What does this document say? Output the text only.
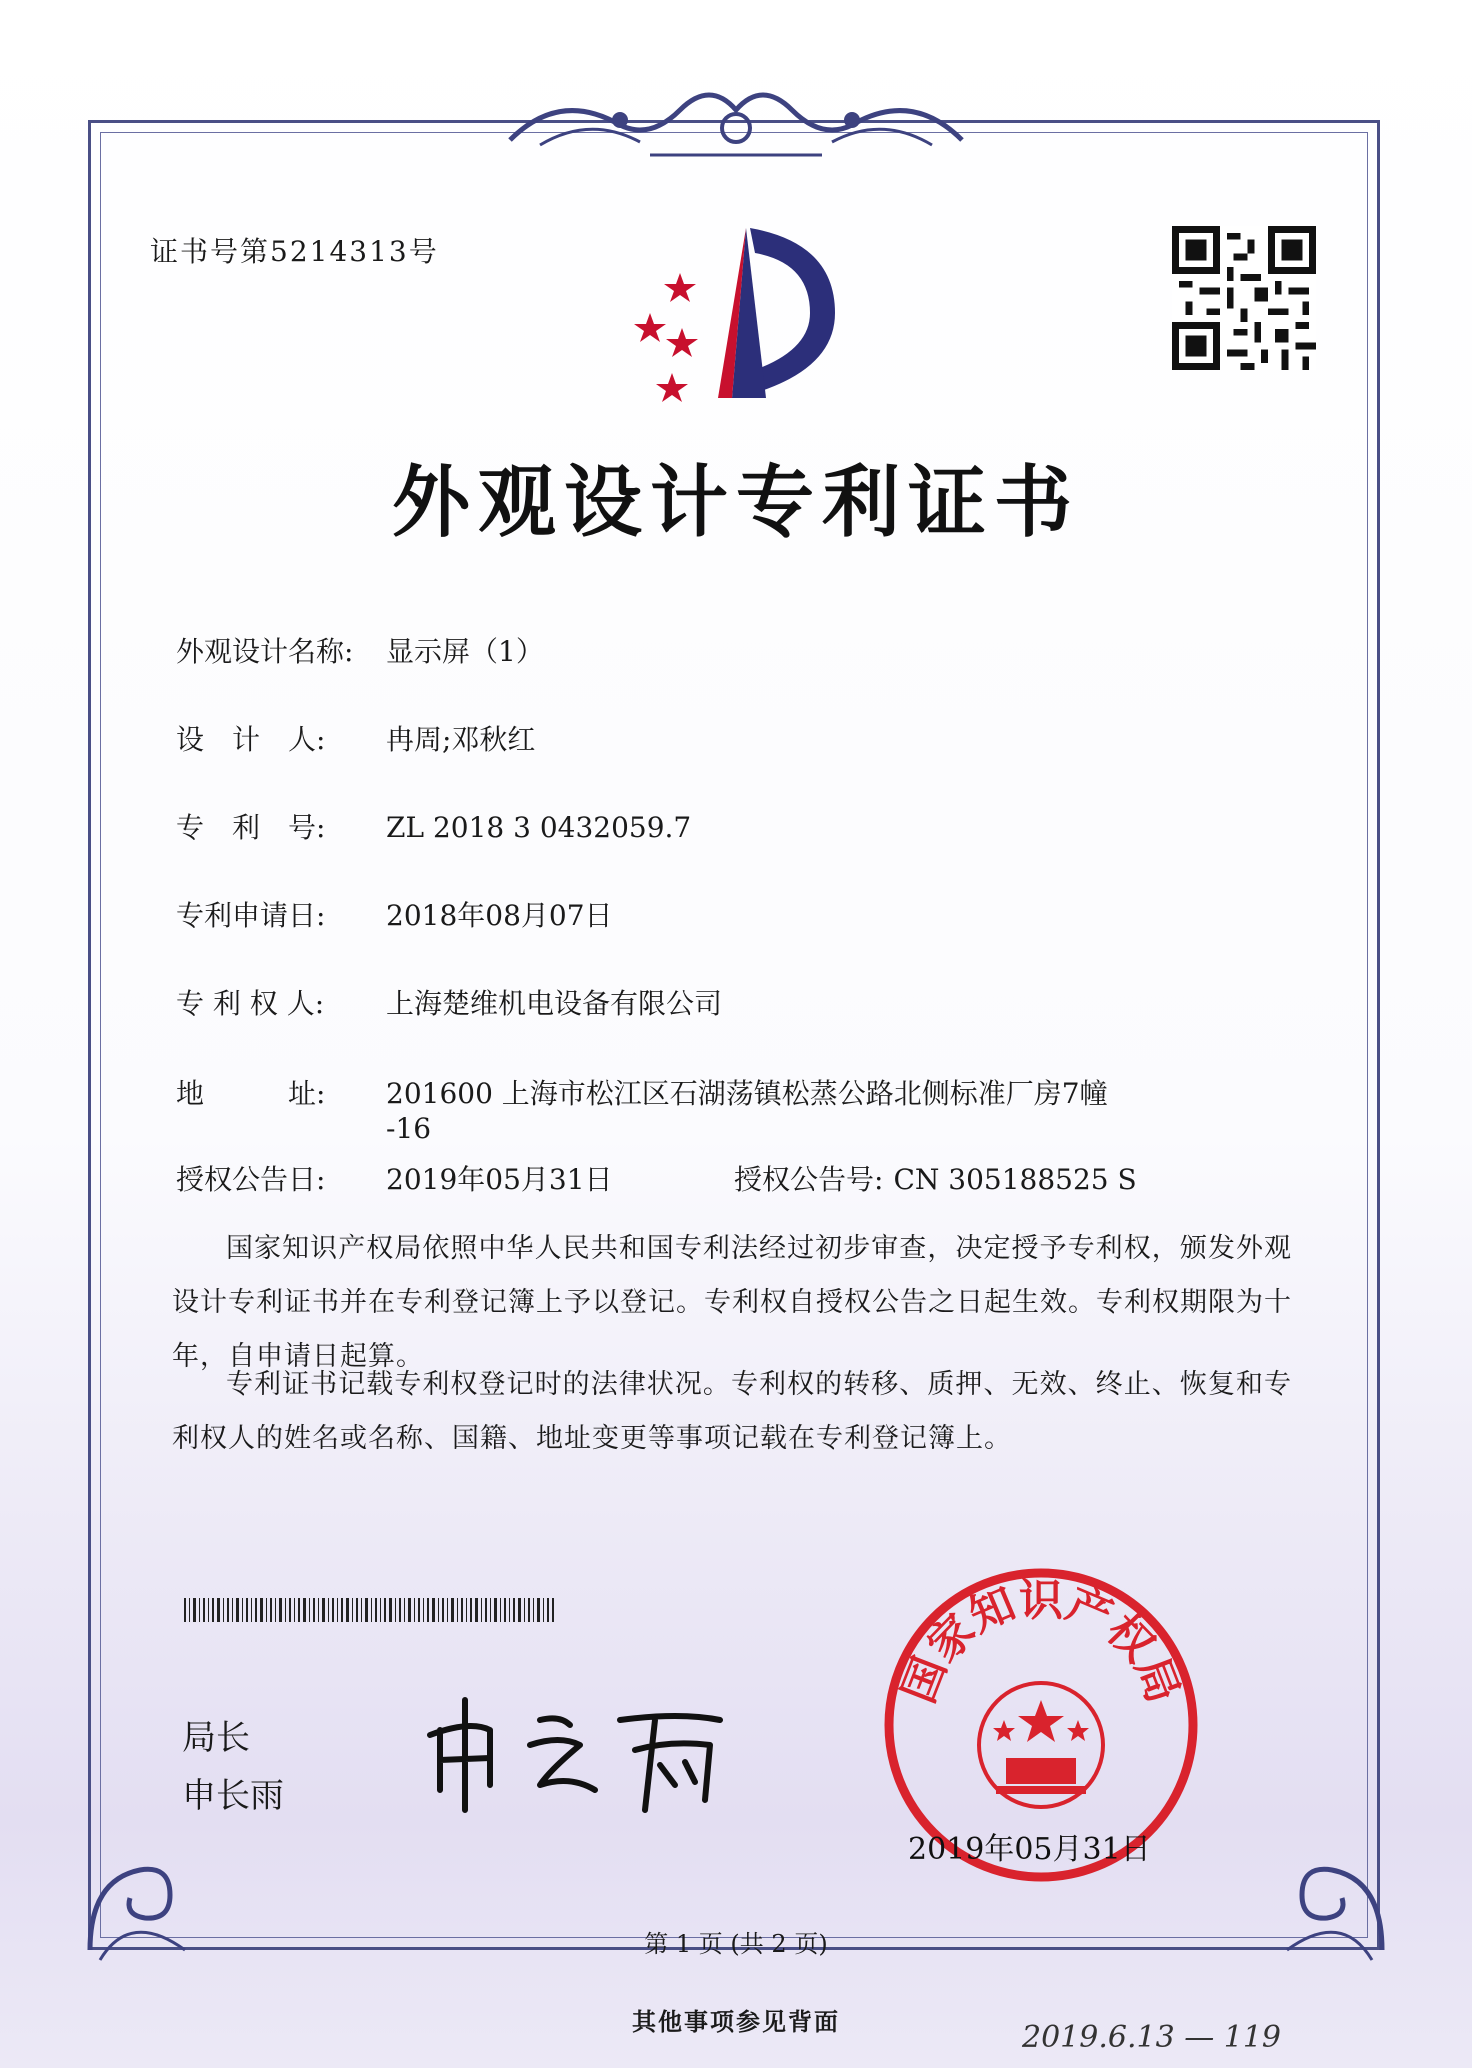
证书号第5214313号
外观设计专利证书
外观设计名称: 显示屏（1）
设　计　人: 冉周;邓秋红
专　利　号: ZL 2018 3 0432059.7
专利申请日: 2018年08月07日
专 利 权 人: 上海楚维机电设备有限公司
地　　　址: 201600 上海市松江区石湖荡镇松蒸公路北侧标准厂房7幢
-16
授权公告日: 2019年05月31日	授权公告号: CN 305188525 S
国家知识产权局依照中华人民共和国专利法经过初步审查，决定授予专利权，颁发外观设计专利证书并在专利登记簿上予以登记。专利权自授权公告之日起生效。专利权期限为十年，自申请日起算。
专利证书记载专利权登记时的法律状况。专利权的转移、质押、无效、终止、恢复和专利权人的姓名或名称、国籍、地址变更等事项记载在专利登记簿上。
局长
申长雨
国家知识产权局
2019年05月31日
第 1 页 (共 2 页)
其他事项参见背面	2019.6.13 — 119
